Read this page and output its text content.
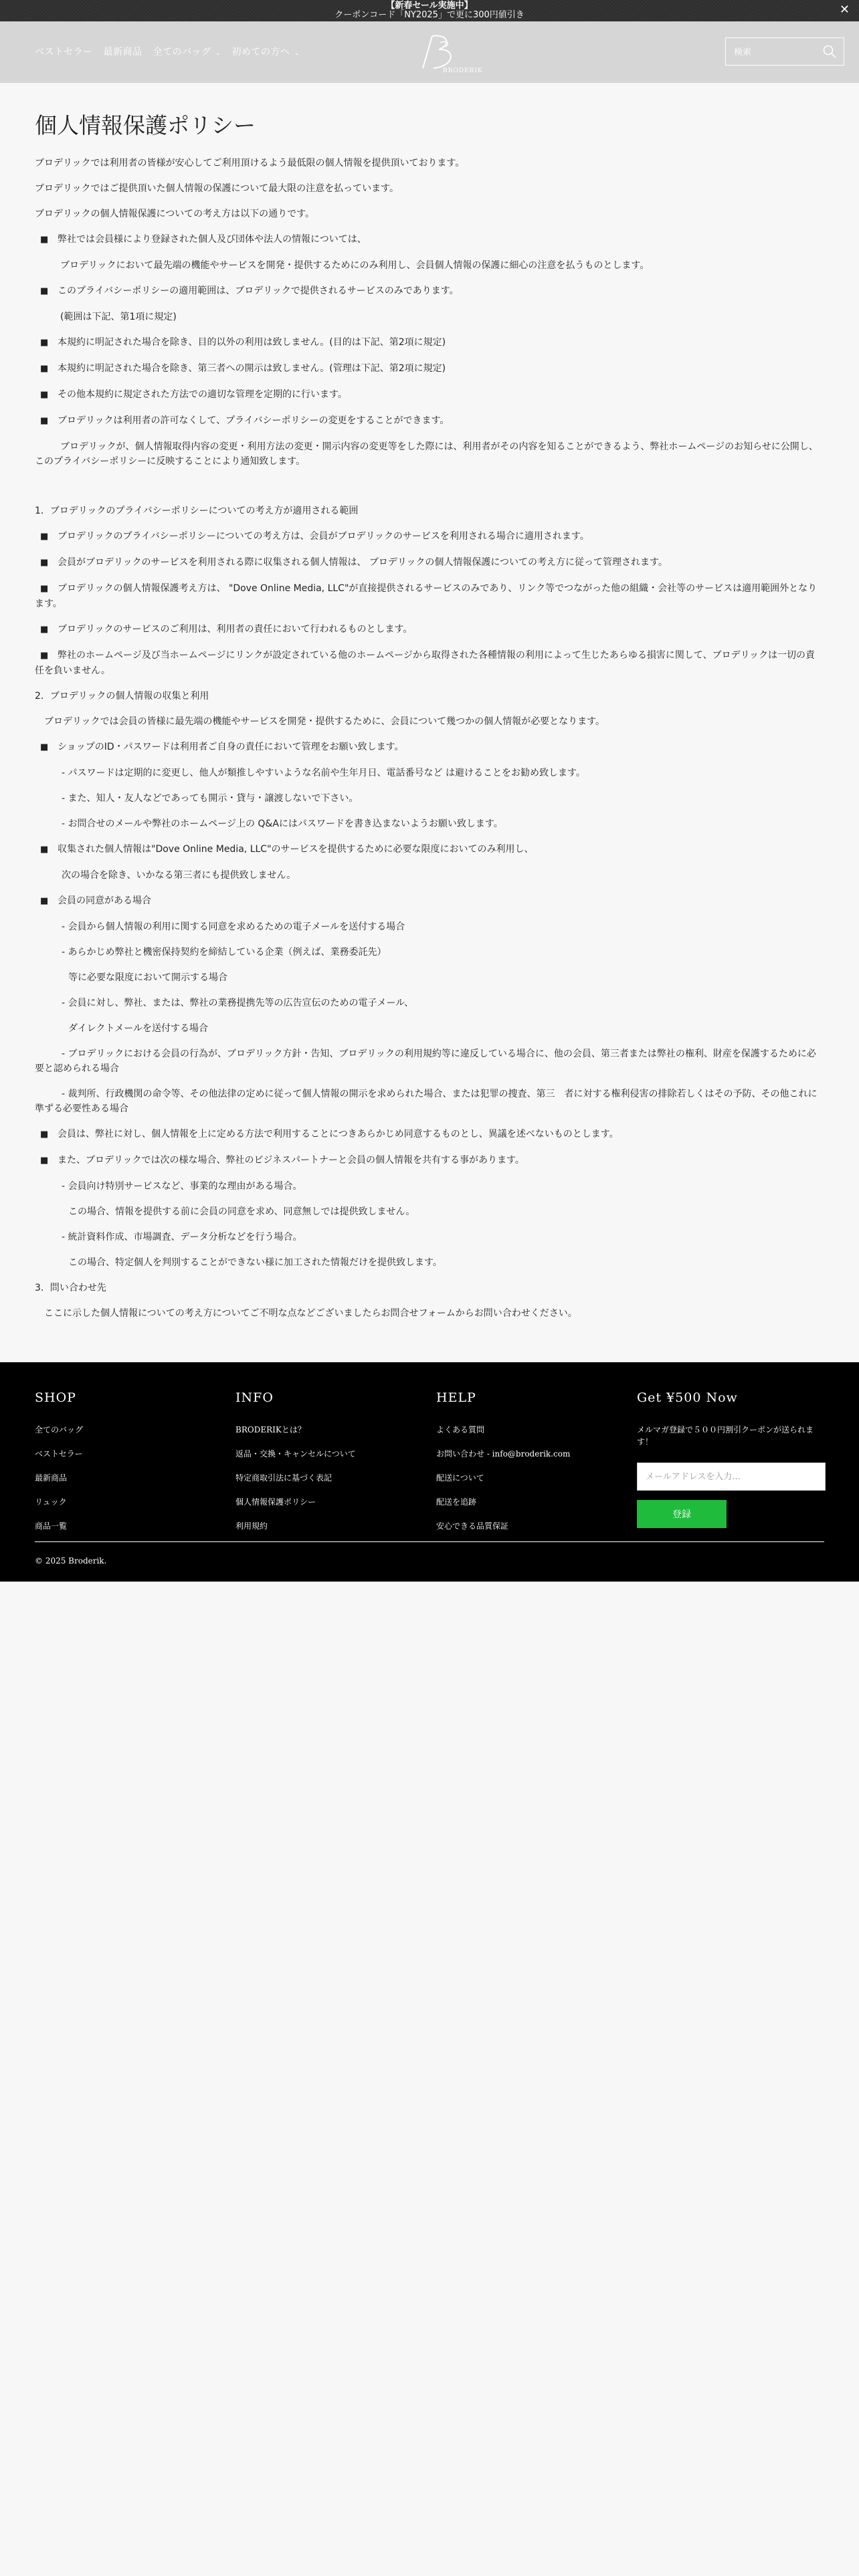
【新春セール実施中】
クーポンコード「NY2025」で更に300円値引き	✕
ベストセラー 最新商品 全てのバッグ ⌄ 初めての方へ ⌄
BRODERIK
検索
個人情報保護ポリシー
ブロデリックでは利用者の皆様が安心してご利用頂けるよう最低限の個人情報を提供頂いております。
ブロデリックではご提供頂いた個人情報の保護について最大限の注意を払っています。
ブロデリックの個人情報保護についての考え方は以下の通りです。
■ 弊社では会員様により登録された個人及び団体や法人の情報については、
ブロデリックにおいて最先端の機能やサービスを開発・提供するためにのみ利用し、会員個人情報の保護に細心の注意を払うものとします。
■ このプライバシーポリシーの適用範囲は、ブロデリックで提供されるサービスのみであります。
(範囲は下記、第1項に規定)
■ 本規約に明記された場合を除き、目的以外の利用は致しません。(目的は下記、第2項に規定)
■ 本規約に明記された場合を除き、第三者への開示は致しません。(管理は下記、第2項に規定)
■ その他本規約に規定された方法での適切な管理を定期的に行います。
■ ブロデリックは利用者の許可なくして、プライバシーポリシーの変更をすることができます。
ブロデリックが、個人情報取得内容の変更・利用方法の変更・開示内容の変更等をした際には、利用者がその内容を知ることができるよう、弊社ホームページのお知らせに公開し、このプライバシーポリシーに反映することにより通知致します。
1．ブロデリックのプライバシーポリシーについての考え方が適用される範囲
■ ブロデリックのプライバシーポリシーについての考え方は、会員がブロデリックのサービスを利用される場合に適用されます。
■ 会員がブロデリックのサービスを利用される際に収集される個人情報は、 ブロデリックの個人情報保護についての考え方に従って管理されます。
■ ブロデリックの個人情報保護考え方は、 "Dove Online Media, LLC"が直接提供されるサービスのみであり、リンク等でつながった他の組織・会社等のサービスは適用範囲外となります。
■ ブロデリックのサービスのご利用は、利用者の責任において行われるものとします。
■ 弊社のホームページ及び当ホームページにリンクが設定されている他のホームページから取得された各種情報の利用によって生じたあらゆる損害に関して、ブロデリックは一切の責任を負いません。
2．ブロデリックの個人情報の収集と利用
ブロデリックでは会員の皆様に最先端の機能やサービスを開発・提供するために、会員について幾つかの個人情報が必要となります。
■ ショップのID・パスワードは利用者ご自身の責任において管理をお願い致します。
- パスワードは定期的に変更し、他人が類推しやすいような名前や生年月日、電話番号など は避けることをお勧め致します。
- また、知人・友人などであっても開示・貸与・譲渡しないで下さい。
- お問合せのメールや弊社のホームページ上の Q&Aにはパスワードを書き込まないようお願い致します。
■ 収集された個人情報は"Dove Online Media, LLC"のサービスを提供するために必要な限度においてのみ利用し、
次の場合を除き、いかなる第三者にも提供致しません。
■ 会員の同意がある場合
- 会員から個人情報の利用に関する同意を求めるための電子メールを送付する場合
- あらかじめ弊社と機密保持契約を締結している企業（例えば、業務委託先）
等に必要な限度において開示する場合
- 会員に対し、弊社、または、弊社の業務提携先等の広告宣伝のための電子メール、
ダイレクトメールを送付する場合
- ブロデリックにおける会員の行為が、ブロデリック方針・告知、ブロデリックの利用規約等に違反している場合に、他の会員、第三者または弊社の権利、財産を保護するために必要と認められる場合
- 裁判所、行政機関の命令等、その他法律の定めに従って個人情報の開示を求められた場合、または犯罪の捜査、第三　者に対する権利侵害の排除若しくはその予防、その他これに準ずる必要性ある場合
■ 会員は、弊社に対し、個人情報を上に定める方法で利用することにつきあらかじめ同意するものとし、異議を述べないものとします。
■ また、ブロデリックでは次の様な場合、弊社のビジネスパートナーと会員の個人情報を共有する事があります。
- 会員向け特別サービスなど、事業的な理由がある場合。
この場合、情報を提供する前に会員の同意を求め、同意無しでは提供致しません。
- 統計資料作成、市場調査、データ分析などを行う場合。
この場合、特定個人を判別することができない様に加工された情報だけを提供致します。
3．問い合わせ先
ここに示した個人情報についての考え方についてご不明な点などございましたらお問合せフォームからお問い合わせください。
SHOP
全てのバッグ
ベストセラー
最新商品
リュック
商品一覧
INFO
BRODERIKとは？
返品・交換・キャンセルについて
特定商取引法に基づく表記
個人情報保護ポリシー
利用規約
HELP
よくある質問
お問い合わせ - info@broderik.com
配送について
配送を追跡
安心できる品質保証
Get ¥500 Now

メルマガ登録で５００円割引クーポンが送られます！

メールアドレスを入力...
登録
© 2025 Broderik.
